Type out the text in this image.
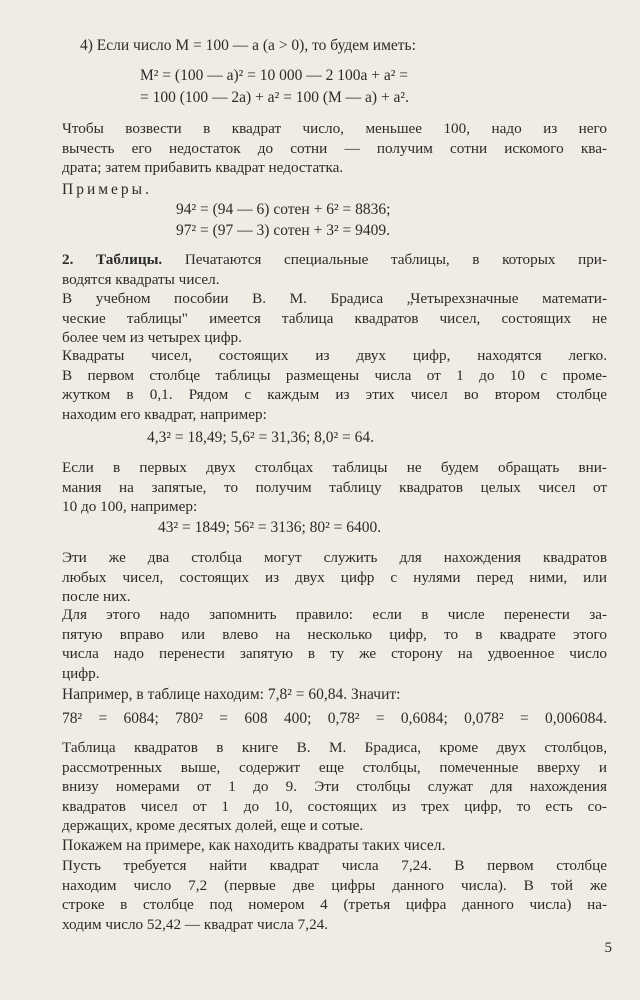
4) Если число M = 100 — a (a > 0), то будем иметь:
M² = (100 — a)² = 10 000 — 2 100a + a² =
= 100 (100 — 2a) + a² = 100 (M — a) + a².
Чтобы возвести в квадрат число, меньшее 100, надо из него
вычесть его недостаток до сотни — получим сотни искомого ква-
драта; затем прибавить квадрат недостатка.
Примеры.
94² = (94 — 6) сотен + 6² = 8836;
97² = (97 — 3) сотен + 3² = 9409.
2. Таблицы. Печатаются специальные таблицы, в которых при-
водятся квадраты чисел.
В учебном пособии В. М. Брадиса „Четырехзначные математи-
ческие таблицы" имеется таблица квадратов чисел, состоящих не
более чем из четырех цифр.
Квадраты чисел, состоящих из двух цифр, находятся легко.
В первом столбце таблицы размещены числа от 1 до 10 с проме-
жутком в 0,1. Рядом с каждым из этих чисел во втором столбце
находим его квадрат, например:
4,3² = 18,49; 5,6² = 31,36; 8,0² = 64.
Если в первых двух столбцах таблицы не будем обращать вни-
мания на запятые, то получим таблицу квадратов целых чисел от
10 до 100, например:
43² = 1849; 56² = 3136; 80² = 6400.
Эти же два столбца могут служить для нахождения квадратов
любых чисел, состоящих из двух цифр с нулями перед ними, или
после них.
Для этого надо запомнить правило: если в числе перенести за-
пятую вправо или влево на несколько цифр, то в квадрате этого
числа надо перенести запятую в ту же сторону на удвоенное число
цифр.
Например, в таблице находим: 7,8² = 60,84. Значит:
78² = 6084; 780² = 608 400; 0,78² = 0,6084; 0,078² = 0,006084.
Таблица квадратов в книге В. М. Брадиса, кроме двух столбцов,
рассмотренных выше, содержит еще столбцы, помеченные вверху и
внизу номерами от 1 до 9. Эти столбцы служат для нахождения
квадратов чисел от 1 до 10, состоящих из трех цифр, то есть со-
держащих, кроме десятых долей, еще и сотые.
Покажем на примере, как находить квадраты таких чисел.
Пусть требуется найти квадрат числа 7,24. В первом столбце
находим число 7,2 (первые две цифры данного числа). В той же
строке в столбце под номером 4 (третья цифра данного числа) на-
ходим число 52,42 — квадрат числа 7,24.
5
